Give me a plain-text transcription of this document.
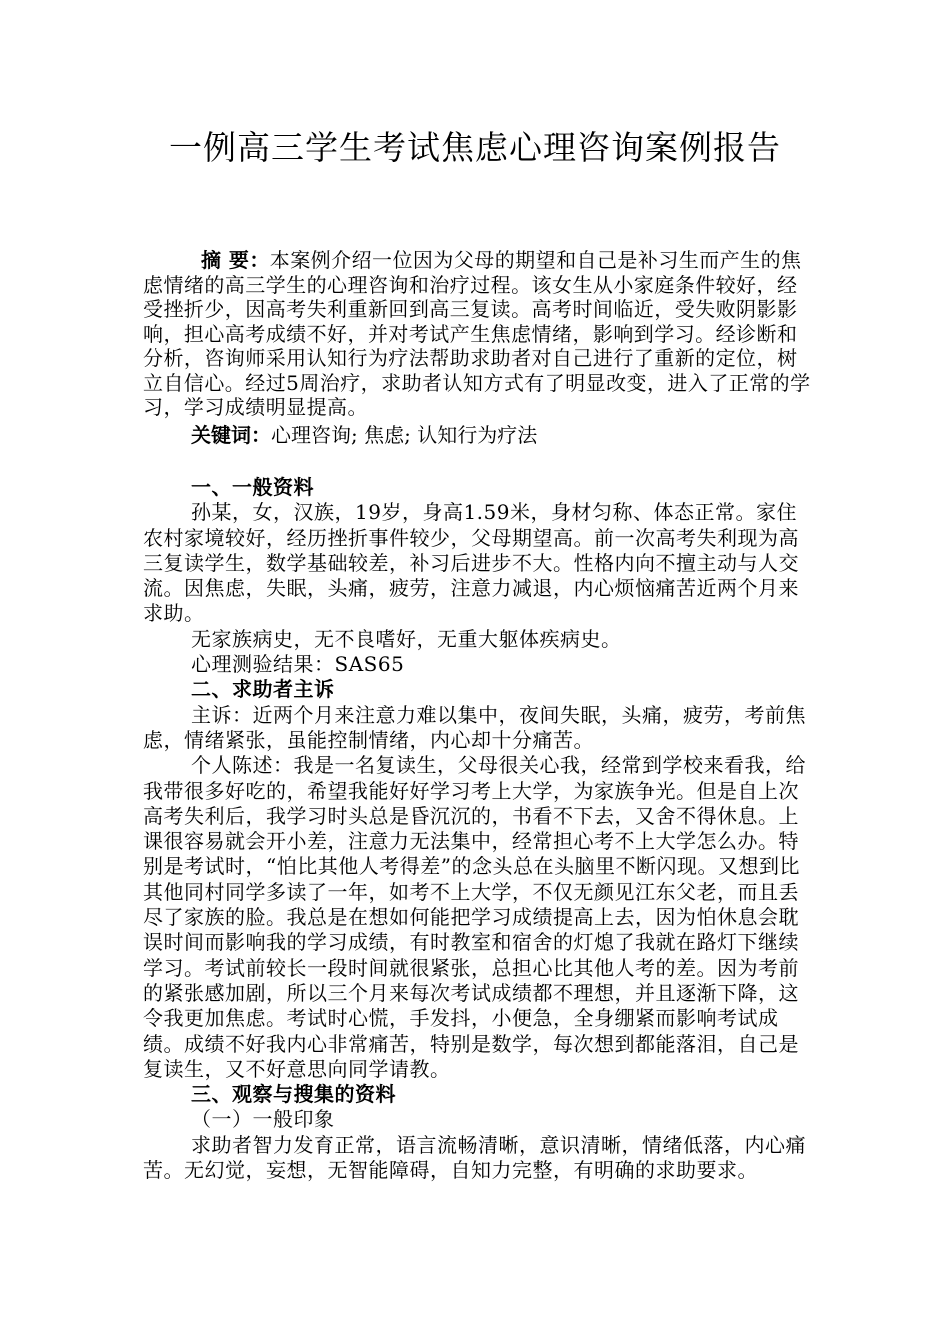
一例高三学生考试焦虑心理咨询案例报告
摘 要：本案例介绍一位因为父母的期望和自己是补习生而产生的焦虑情绪的高三学生的心理咨询和治疗过程。该女生从小家庭条件较好，经受挫折少，因高考失利重新回到高三复读。高考时间临近，受失败阴影影响，担心高考成绩不好，并对考试产生焦虑情绪，影响到学习。经诊断和分析，咨询师采用认知行为疗法帮助求助者对自己进行了重新的定位，树立自信心。经过5周治疗，求助者认知方式有了明显改变，进入了正常的学习，学习成绩明显提高。
关键词：心理咨询; 焦虑; 认知行为疗法
一、一般资料

孙某，女，汉族，19岁，身高1.59米，身材匀称、体态正常。家住农村家境较好，经历挫折事件较少，父母期望高。前一次高考失利现为高三复读学生，数学基础较差，补习后进步不大。性格内向不擅主动与人交流。因焦虑，失眠，头痛，疲劳，注意力减退，内心烦恼痛苦近两个月来求助。

无家族病史，无不良嗜好，无重大躯体疾病史。

心理测验结果：SAS65

二、求助者主诉

主诉：近两个月来注意力难以集中，夜间失眠，头痛，疲劳，考前焦虑，情绪紧张，虽能控制情绪，内心却十分痛苦。

个人陈述：我是一名复读生，父母很关心我，经常到学校来看我，给我带很多好吃的，希望我能好好学习考上大学，为家族争光。但是自上次高考失利后，我学习时头总是昏沉沉的，书看不下去，又舍不得休息。上课很容易就会开小差，注意力无法集中，经常担心考不上大学怎么办。特别是考试时，“怕比其他人考得差”的念头总在头脑里不断闪现。又想到比其他同村同学多读了一年，如考不上大学，不仅无颜见江东父老，而且丢尽了家族的脸。我总是在想如何能把学习成绩提高上去，因为怕休息会耽误时间而影响我的学习成绩，有时教室和宿舍的灯熄了我就在路灯下继续学习。考试前较长一段时间就很紧张，总担心比其他人考的差。因为考前的紧张感加剧，所以三个月来每次考试成绩都不理想，并且逐渐下降，这令我更加焦虑。考试时心慌，手发抖，小便急，全身绷紧而影响考试成绩。成绩不好我内心非常痛苦，特别是数学，每次想到都能落泪，自己是复读生，又不好意思向同学请教。

三、观察与搜集的资料
（一）一般印象

求助者智力发育正常，语言流畅清晰，意识清晰，情绪低落，内心痛苦。无幻觉，妄想，无智能障碍，自知力完整，有明确的求助要求。
